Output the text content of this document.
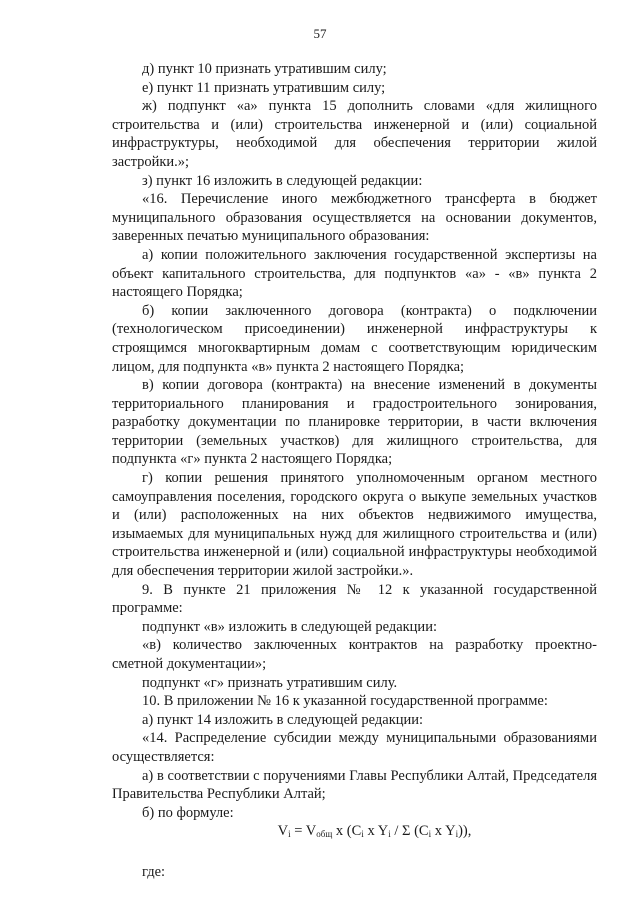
57

д) пункт 10 признать утратившим силу;

е) пункт 11 признать утратившим силу;

ж) подпункт «а» пункта 15 дополнить словами «для жилищного строительства и (или) строительства инженерной и (или) социальной инфраструктуры, необходимой для обеспечения территории жилой застройки.»;

з) пункт 16 изложить в следующей редакции:

«16. Перечисление иного межбюджетного трансферта в бюджет муниципального образования осуществляется на основании документов, заверенных печатью муниципального образования:

а) копии положительного заключения государственной экспертизы на объект капитального строительства, для подпунктов «а» - «в» пункта 2 настоящего Порядка;

б) копии заключенного договора (контракта) о подключении (технологическом присоединении) инженерной инфраструктуры к строящимся многоквартирным домам с соответствующим юридическим лицом, для подпункта «в» пункта 2 настоящего Порядка;

в) копии договора (контракта) на внесение изменений в документы территориального планирования и градостроительного зонирования, разработку документации по планировке территории, в части включения территории (земельных участков) для жилищного строительства, для подпункта «г» пункта 2 настоящего Порядка;

г) копии решения принятого уполномоченным органом местного самоуправления поселения, городского округа о выкупе земельных участков и (или) расположенных на них объектов недвижимого имущества, изымаемых для муниципальных нужд для жилищного строительства и (или) строительства инженерной и (или) социальной инфраструктуры необходимой для обеспечения территории жилой застройки.».

9. В пункте 21 приложения № 12 к указанной государственной программе:

подпункт «в» изложить в следующей редакции:

«в) количество заключенных контрактов на разработку проектно-сметной документации»;

подпункт «г» признать утратившим силу.

10. В приложении № 16 к указанной государственной программе:

а) пункт 14 изложить в следующей редакции:

«14. Распределение субсидии между муниципальными образованиями осуществляется:

а) в соответствии с поручениями Главы Республики Алтай, Председателя Правительства Республики Алтай;

б) по формуле:

$V_i = V_{общ}$ x ($C_i$ x $Y_i$ / Σ ($C_i$ x $Y_i$)),

где:
